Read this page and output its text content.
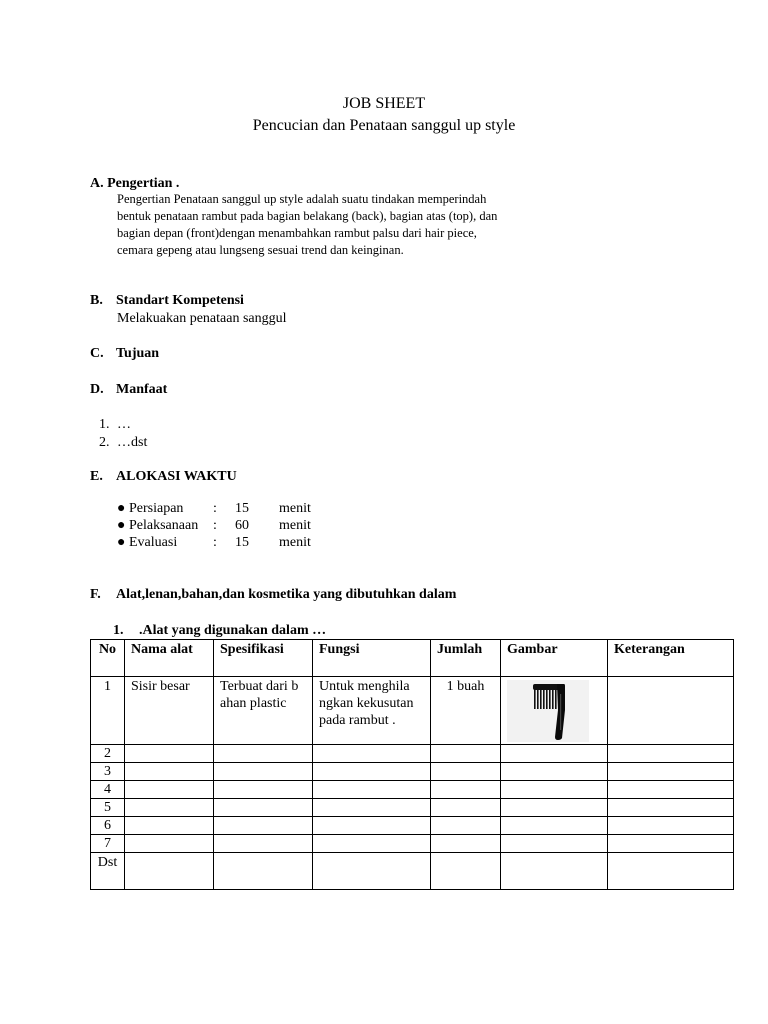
JOB SHEET
Pencucian dan Penataan sanggul up style
A. Pengertian .
Pengertian Penataan sanggul up style adalah suatu tindakan memperindah
bentuk penataan rambut pada bagian belakang (back), bagian atas (top), dan
bagian depan (front)dengan menambahkan rambut palsu dari hair piece,
cemara gepeng atau lungseng sesuai trend dan keinginan.
B. Standart Kompetensi
Melakuakan penataan sanggul
C. Tujuan
D. Manfaat
1. …
2. …dst
E. ALOKASI WAKTU
● Persiapan	:	15	menit
● Pelaksanaan	:	60	menit
● Evaluasi	:	15	menit
F. Alat,lenan,bahan,dan kosmetika yang dibutuhkan dalam
1. .Alat yang digunakan dalam …
No	Nama alat	Spesifikasi	Fungsi	Jumlah	Gambar	Keterangan
1	Sisir besar	Terbuat dari b ahan plastic	Untuk menghila ngkan kekusutan pada rambut .	1 buah	

2						
3						
4						
5						
6						
7						
Dst						
